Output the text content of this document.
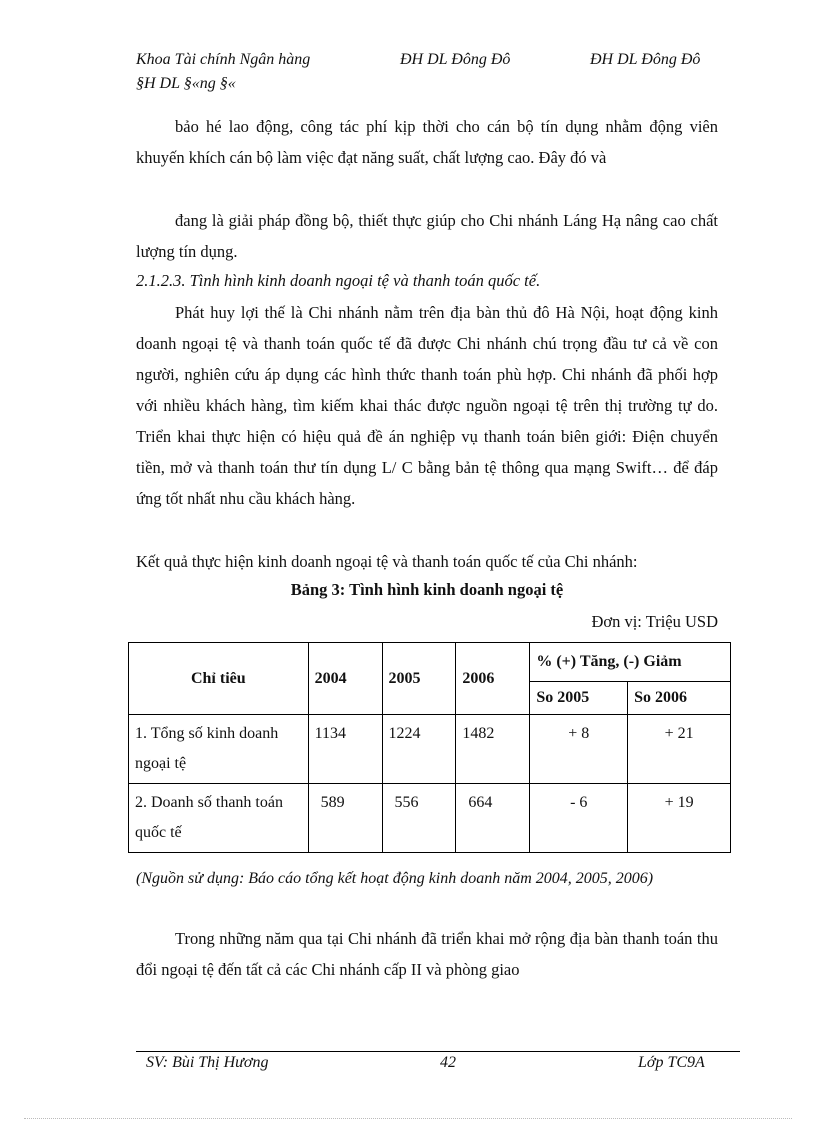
Khoa Tài chính Ngân hàng	ĐH DL Đông Đô	ĐH DL Đông Đô
§H DL §«ng §«
bảo hé lao động, công tác phí kịp thời cho cán bộ tín dụng nhằm động viên khuyến khích cán bộ làm việc đạt năng suất, chất lượng cao. Đây đó và
đang là giải pháp đồng bộ, thiết thực giúp cho Chi nhánh Láng Hạ nâng cao chất lượng tín dụng.
2.1.2.3. Tình hình kinh doanh ngoại tệ và thanh toán quốc tế.
Phát huy lợi thế là Chi nhánh nằm trên địa bàn thủ đô Hà Nội, hoạt động kinh doanh ngoại tệ và thanh toán quốc tế đã được Chi nhánh chú trọng đầu tư cả về con người, nghiên cứu áp dụng các hình thức thanh toán phù hợp. Chi nhánh đã phối hợp với nhiều khách hàng, tìm kiếm khai thác được nguồn ngoại tệ trên thị trường tự do. Triển khai thực hiện có hiệu quả đề án nghiệp vụ thanh toán biên giới: Điện chuyển tiền, mở và thanh toán thư tín dụng L/ C bằng bản tệ thông qua mạng Swift… để đáp ứng tốt nhất nhu cầu khách hàng.
Kết quả thực hiện kinh doanh ngoại tệ và thanh toán quốc tế của Chi nhánh:
Bảng 3: Tình hình kinh doanh ngoại tệ
Đơn vị: Triệu USD
Chỉ tiêu	2004	2005	2006	% (+) Tăng, (-) Giảm	
				So 2005	So 2006
1. Tổng số kinh doanh ngoại tệ	1134	1224	1482	+ 8	+ 21
2. Doanh số thanh toán quốc tế	589	556	664	- 6	+ 19
(Nguồn sử dụng: Báo cáo tổng kết hoạt động kinh doanh năm 2004, 2005, 2006)
Trong những năm qua tại Chi nhánh đã triển khai mở rộng địa bàn thanh toán thu đổi ngoại tệ đến tất cả các Chi nhánh cấp II và phòng giao
SV: Bùi Thị Hương	42	Lớp TC9A
